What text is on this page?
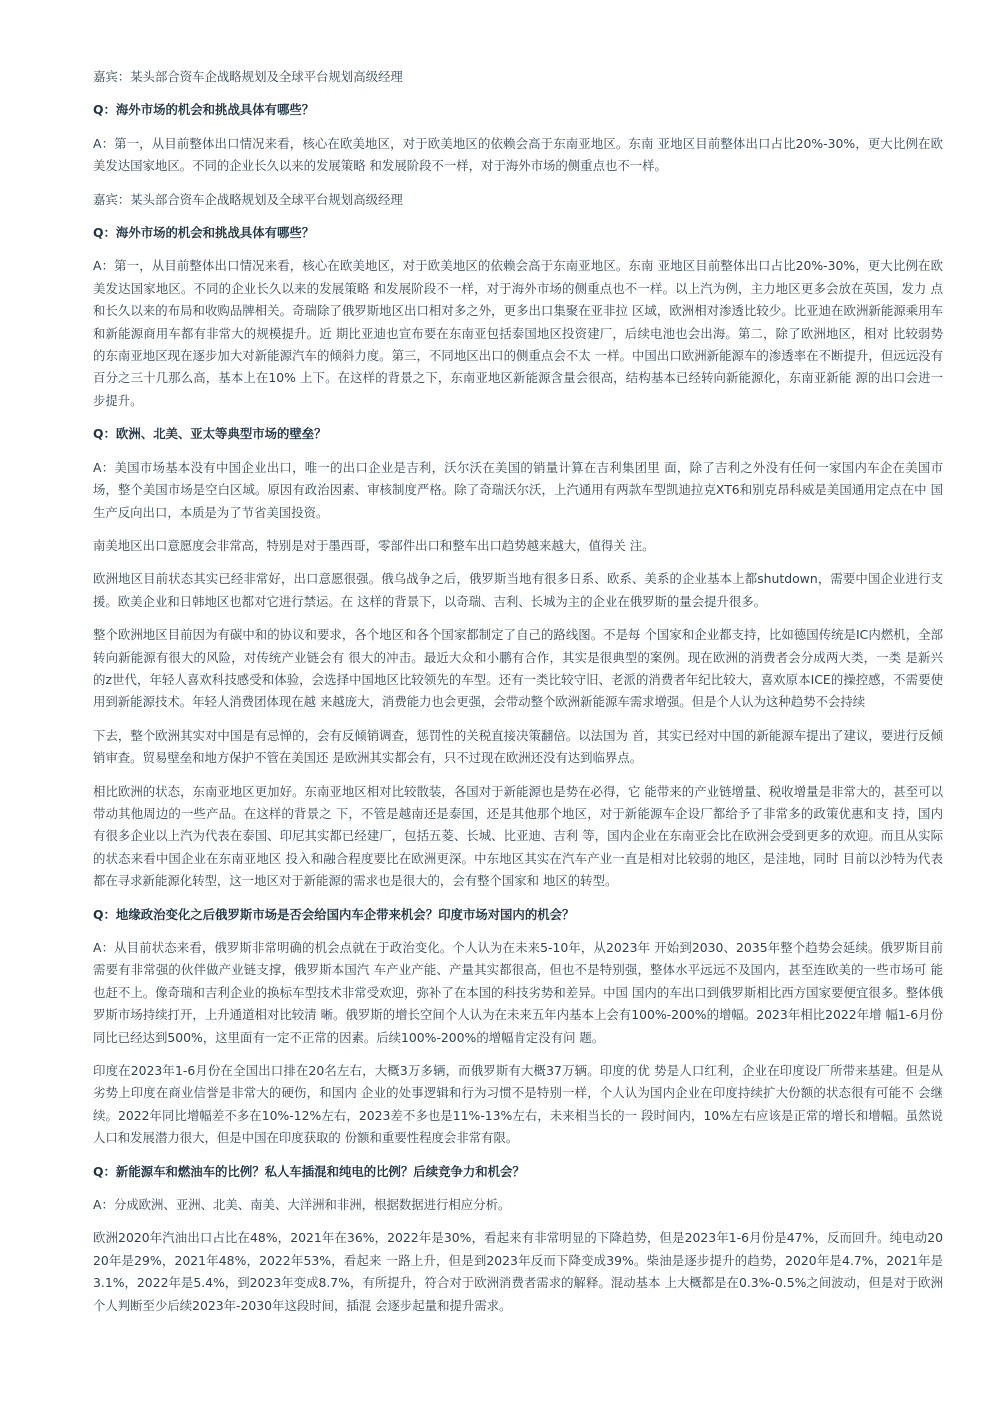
嘉宾：某头部合资车企战略规划及全球平台规划高级经理

Q：海外市场的机会和挑战具体有哪些？

A：第一，从目前整体出口情况来看，核心在欧美地区，对于欧美地区的依赖会高于东南亚地区。东南 亚地区目前整体出口占比20%-30%，更大比例在欧美发达国家地区。不同的企业长久以来的发展策略 和发展阶段不一样，对于海外市场的侧重点也不一样。

嘉宾：某头部合资车企战略规划及全球平台规划高级经理

Q：海外市场的机会和挑战具体有哪些？

A：第一，从目前整体出口情况来看，核心在欧美地区，对于欧美地区的依赖会高于东南亚地区。东南 亚地区目前整体出口占比20%-30%，更大比例在欧美发达国家地区。不同的企业长久以来的发展策略 和发展阶段不一样，对于海外市场的侧重点也不一样。以上汽为例，主力地区更多会放在英国，发力 点和长久以来的布局和收购品牌相关。奇瑞除了俄罗斯地区出口相对多之外，更多出口集聚在亚非拉 区域，欧洲相对渗透比较少。比亚迪在欧洲新能源乘用车和新能源商用车都有非常大的规模提升。近 期比亚迪也宣布要在东南亚包括泰国地区投资建厂，后续电池也会出海。第二，除了欧洲地区，相对 比较弱势的东南亚地区现在逐步加大对新能源汽车的倾斜力度。第三，不同地区出口的侧重点会不太 一样。中国出口欧洲新能源车的渗透率在不断提升，但远远没有百分之三十几那么高，基本上在10% 上下。在这样的背景之下，东南亚地区新能源含量会很高，结构基本已经转向新能源化，东南亚新能 源的出口会进一步提升。

Q：欧洲、北美、亚太等典型市场的壁垒？

A：美国市场基本没有中国企业出口，唯一的出口企业是吉利，沃尔沃在美国的销量计算在吉利集团里 面，除了吉利之外没有任何一家国内车企在美国市场，整个美国市场是空白区域。原因有政治因素、审核制度严格。除了奇瑞沃尔沃，上汽通用有两款车型凯迪拉克XT6和别克昂科威是美国通用定点在中 国生产反向出口，本质是为了节省美国投资。

南美地区出口意愿度会非常高，特别是对于墨西哥，零部件出口和整车出口趋势越来越大，值得关 注。

欧洲地区目前状态其实已经非常好，出口意愿很强。俄乌战争之后，俄罗斯当地有很多日系、欧系、美系的企业基本上都shutdown，需要中国企业进行支援。欧美企业和日韩地区也都对它进行禁运。在 这样的背景下，以奇瑞、吉利、长城为主的企业在俄罗斯的量会提升很多。

整个欧洲地区目前因为有碳中和的协议和要求，各个地区和各个国家都制定了自己的路线图。不是每 个国家和企业都支持，比如德国传统是IC内燃机，全部转向新能源有很大的风险，对传统产业链会有 很大的冲击。最近大众和小鹏有合作，其实是很典型的案例。现在欧洲的消费者会分成两大类，一类 是新兴的z世代，年轻人喜欢科技感受和体验，会选择中国地区比较领先的车型。还有一类比较守旧、老派的消费者年纪比较大，喜欢原本ICE的操控感，不需要使用到新能源技术。年轻人消费团体现在越 来越庞大，消费能力也会更强，会带动整个欧洲新能源车需求增强。但是个人认为这种趋势不会持续

下去，整个欧洲其实对中国是有忌惮的，会有反倾销调查，惩罚性的关税直接决策翻倍。以法国为 首，其实已经对中国的新能源车提出了建议，要进行反倾销审查。贸易壁垒和地方保护不管在美国还 是欧洲其实都会有，只不过现在欧洲还没有达到临界点。

相比欧洲的状态，东南亚地区更加好。东南亚地区相对比较散装，各国对于新能源也是势在必得，它 能带来的产业链增量、税收增量是非常大的，甚至可以带动其他周边的一些产品。在这样的背景之 下，不管是越南还是泰国，还是其他那个地区，对于新能源车企设厂都给予了非常多的政策优惠和支 持，国内有很多企业以上汽为代表在泰国、印尼其实都已经建厂，包括五菱、长城、比亚迪、吉利 等，国内企业在东南亚会比在欧洲会受到更多的欢迎。而且从实际的状态来看中国企业在东南亚地区 投入和融合程度要比在欧洲更深。中东地区其实在汽车产业一直是相对比较弱的地区，是洼地，同时 目前以沙特为代表都在寻求新能源化转型，这一地区对于新能源的需求也是很大的，会有整个国家和 地区的转型。

Q：地缘政治变化之后俄罗斯市场是否会给国内车企带来机会？印度市场对国内的机会？

A：从目前状态来看，俄罗斯非常明确的机会点就在于政治变化。个人认为在未来5-10年，从2023年 开始到2030、2035年整个趋势会延续。俄罗斯目前需要有非常强的伙伴做产业链支撑，俄罗斯本国汽 车产业产能、产量其实都很高，但也不是特别强，整体水平远远不及国内，甚至连欧美的一些市场可 能也赶不上。像奇瑞和吉利企业的换标车型技术非常受欢迎，弥补了在本国的科技劣势和差异。中国 国内的车出口到俄罗斯相比西方国家要便宜很多。整体俄罗斯市场持续打开，上升通道相对比较清 晰。俄罗斯的增长空间个人认为在未来五年内基本上会有100%-200%的增幅。2023年相比2022年增 幅1-6月份同比已经达到500%，这里面有一定不正常的因素。后续100%-200%的增幅肯定没有问 题。

印度在2023年1-6月份在全国出口排在20名左右，大概3万多辆，而俄罗斯有大概37万辆。印度的优 势是人口红利，企业在印度设厂所带来基建。但是从劣势上印度在商业信誉是非常大的硬伤，和国内 企业的处事逻辑和行为习惯不是特别一样，个人认为国内企业在印度持续扩大份额的状态很有可能不 会继续。2022年同比增幅差不多在10%-12%左右，2023差不多也是11%-13%左右，未来相当长的一 段时间内，10%左右应该是正常的增长和增幅。虽然说人口和发展潜力很大，但是中国在印度获取的 份额和重要性程度会非常有限。

Q：新能源车和燃油车的比例？私人车插混和纯电的比例？后续竞争力和机会？

A：分成欧洲、亚洲、北美、南美、大洋洲和非洲，根据数据进行相应分析。

欧洲2020年汽油出口占比在48%，2021年在36%，2022年是30%，看起来有非常明显的下降趋势，但是2023年1-6月份是47%，反而回升。纯电动2020年是29%，2021年48%，2022年53%，看起来 一路上升，但是到2023年反而下降变成39%。柴油是逐步提升的趋势，2020年是4.7%，2021年是 3.1%，2022年是5.4%，到2023年变成8.7%，有所提升，符合对于欧洲消费者需求的解释。混动基本 上大概都是在0.3%-0.5%之间波动，但是对于欧洲个人判断至少后续2023年-2030年这段时间，插混 会逐步起量和提升需求。
